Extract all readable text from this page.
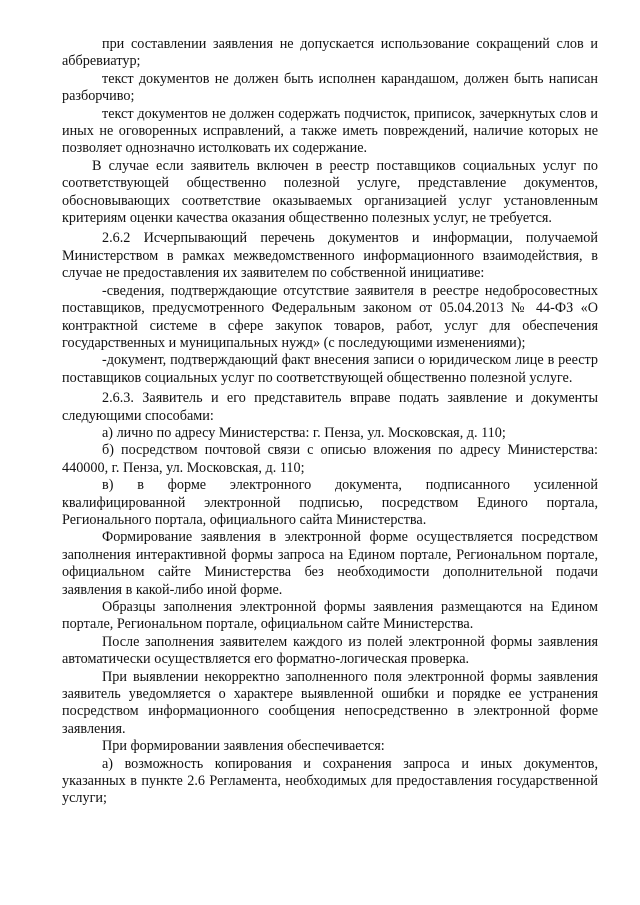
при составлении заявления не допускается использование сокращений слов и аббревиатур;

текст документов не должен быть исполнен карандашом, должен быть написан разборчиво;

текст документов не должен содержать подчисток, приписок, зачеркнутых слов и иных не оговоренных исправлений, а также иметь повреждений, наличие которых не позволяет однозначно истолковать их содержание.

В случае если заявитель включен в реестр поставщиков социальных услуг по соответствующей общественно полезной услуге, представление документов, обосновывающих соответствие оказываемых организацией услуг установленным критериям оценки качества оказания общественно полезных услуг, не требуется.

2.6.2 Исчерпывающий перечень документов и информации, получаемой Министерством в рамках межведомственного информационного взаимодействия, в случае не предоставления их заявителем по собственной инициативе:

-сведения, подтверждающие отсутствие заявителя в реестре недобросовестных поставщиков, предусмотренного Федеральным законом от 05.04.2013 № 44-ФЗ «О контрактной системе в сфере закупок товаров, работ, услуг для обеспечения государственных и муниципальных нужд» (с последующими изменениями);

-документ, подтверждающий факт внесения записи о юридическом лице в реестр поставщиков социальных услуг по соответствующей общественно полезной услуге.

2.6.3. Заявитель и его представитель вправе подать заявление и документы следующими способами:

а) лично по адресу Министерства: г. Пенза, ул. Московская, д. 110;

б) посредством почтовой связи с описью вложения по адресу Министерства: 440000, г. Пенза, ул. Московская, д. 110;

в) в форме электронного документа, подписанного усиленной квалифицированной электронной подписью, посредством Единого портала, Регионального портала, официального сайта Министерства.

Формирование заявления в электронной форме осуществляется посредством заполнения интерактивной формы запроса на Едином портале, Региональном портале, официальном сайте Министерства без необходимости дополнительной подачи заявления в какой-либо иной форме.

Образцы заполнения электронной формы заявления размещаются на Едином портале, Региональном портале, официальном сайте Министерства.

После заполнения заявителем каждого из полей электронной формы заявления автоматически осуществляется его форматно-логическая проверка.

При выявлении некорректно заполненного поля электронной формы заявления заявитель уведомляется о характере выявленной ошибки и порядке ее устранения посредством информационного сообщения непосредственно в электронной форме заявления.

При формировании заявления обеспечивается:

а) возможность копирования и сохранения запроса и иных документов, указанных в пункте 2.6 Регламента, необходимых для предоставления государственной услуги;
